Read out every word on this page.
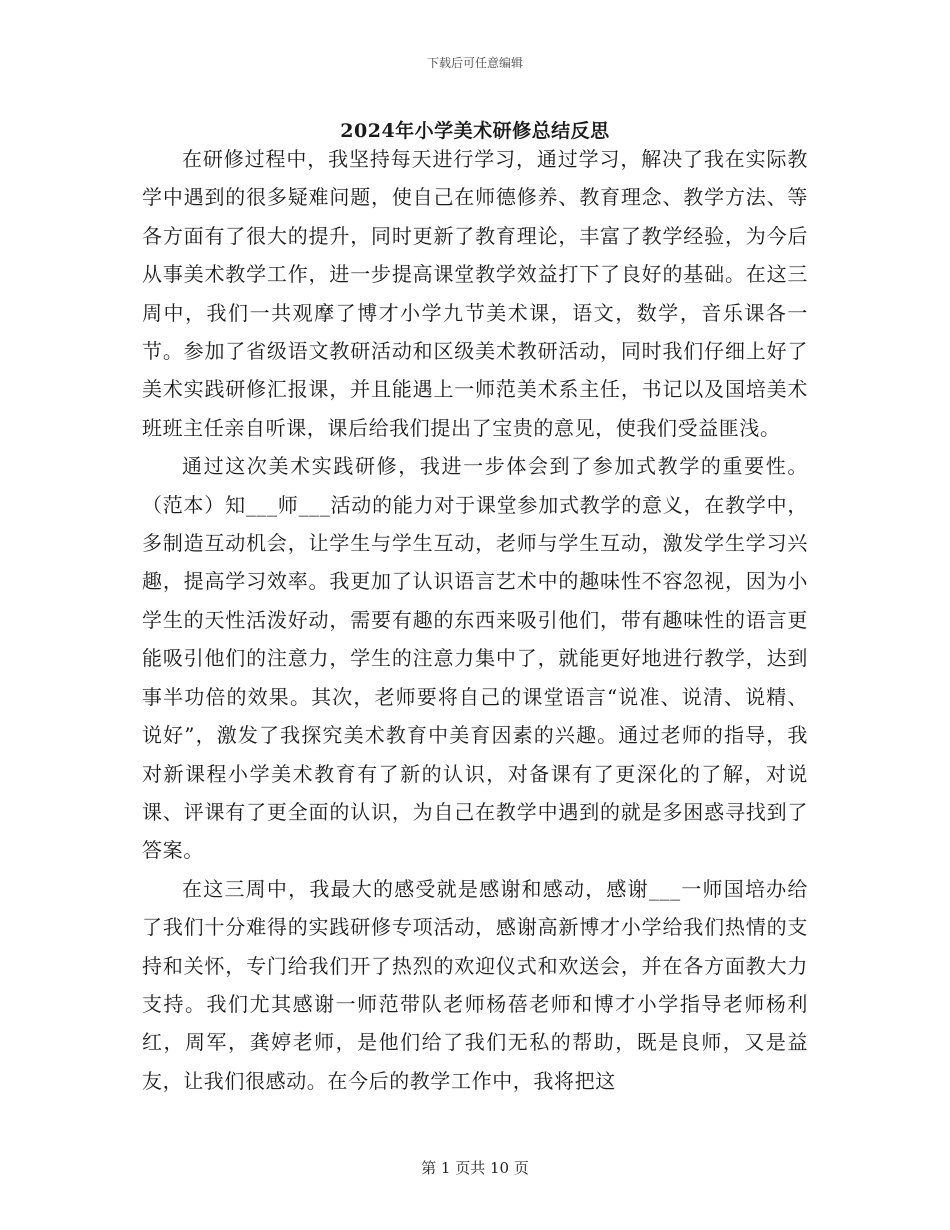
下载后可任意编辑
2024年小学美术研修总结反思

在研修过程中，我坚持每天进行学习，通过学习，解决了我在实际教学中遇到的很多疑难问题，使自己在师德修养、教育理念、教学方法、等各方面有了很大的提升，同时更新了教育理论，丰富了教学经验，为今后从事美术教学工作，进一步提高课堂教学效益打下了良好的基础。在这三周中，我们一共观摩了博才小学九节美术课，语文，数学，音乐课各一节。参加了省级语文教研活动和区级美术教研活动，同时我们仔细上好了美术实践研修汇报课，并且能遇上一师范美术系主任，书记以及国培美术班班主任亲自听课，课后给我们提出了宝贵的意见，使我们受益匪浅。

通过这次美术实践研修，我进一步体会到了参加式教学的重要性。（范本）知___师___活动的能力对于课堂参加式教学的意义，在教学中，多制造互动机会，让学生与学生互动，老师与学生互动，激发学生学习兴趣，提高学习效率。我更加了认识语言艺术中的趣味性不容忽视，因为小学生的天性活泼好动，需要有趣的东西来吸引他们，带有趣味性的语言更能吸引他们的注意力，学生的注意力集中了，就能更好地进行教学，达到事半功倍的效果。其次，老师要将自己的课堂语言“说准、说清、说精、说好”，激发了我探究美术教育中美育因素的兴趣。通过老师的指导，我对新课程小学美术教育有了新的认识，对备课有了更深化的了解，对说课、评课有了更全面的认识，为自己在教学中遇到的就是多困惑寻找到了答案。

在这三周中，我最大的感受就是感谢和感动，感谢___一师国培办给了我们十分难得的实践研修专项活动，感谢高新博才小学给我们热情的支持和关怀，专门给我们开了热烈的欢迎仪式和欢送会，并在各方面教大力支持。我们尤其感谢一师范带队老师杨蓓老师和博才小学指导老师杨利红，周军，龚婷老师，是他们给了我们无私的帮助，既是良师，又是益友，让我们很感动。在今后的教学工作中，我将把这

第 1 页共 10 页
